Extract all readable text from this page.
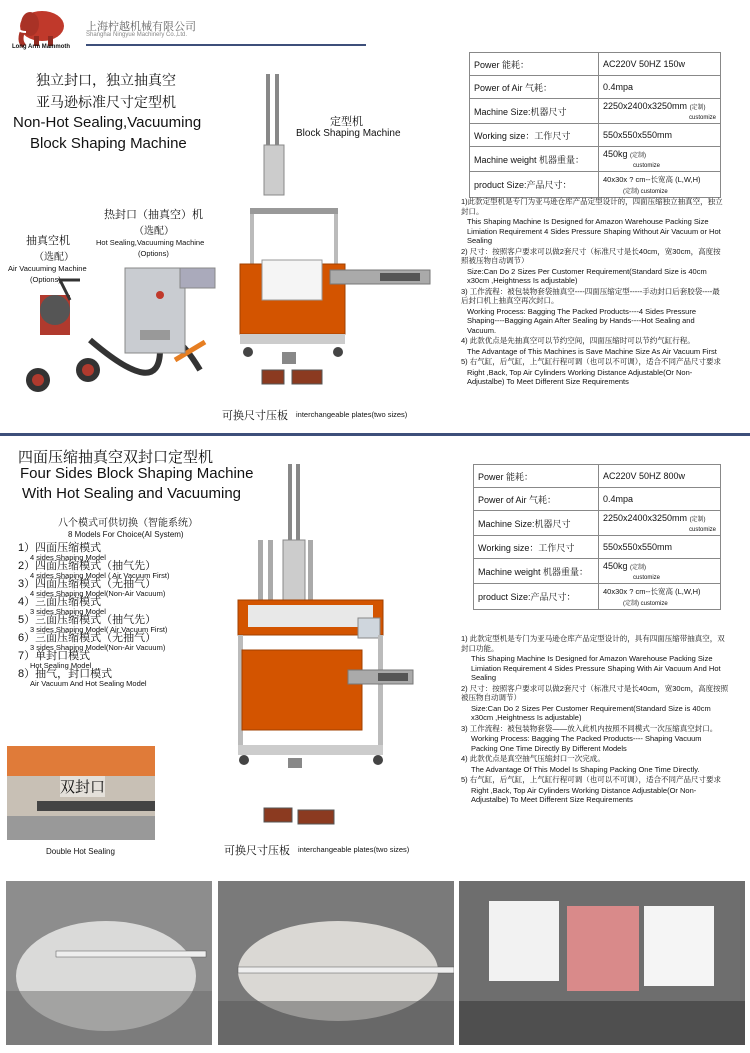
Long Arm Mammoth
上海柠越机械有限公司
Shanghai Ningyue Machinery Co.,Ltd.
独立封口，独立抽真空
亚马逊标准尺寸定型机
Non-Hot Sealing,Vacuuming
Block Shaping Machine
定型机
Block Shaping Machine
热封口（抽真空）机
（选配）
Hot Sealing,Vacuuming Machine
(Options)
抽真空机
（选配）
Air Vacuuming Machine
(Options)
可换尺寸压板 interchangeable plates(two sizes)
Power 能耗：	AC220V 50HZ 150w
Power of Air 气耗：	0.4mpa
Machine Size:机器尺寸	2250x2400x3250mm (定制)
customize
Working size：工作尺寸	550x550x550mm
Machine weight 机器重量：	450kg (定制)
customize
product Size:产品尺寸：	40x30x ? cm--长宽高 (L,W,H)
(定制) customize

1)此款定型机是专门为亚马逊仓库产品定型设计的，四面压缩独立抽真空，独立封口。

This Shaping Machine Is Designed for Amazon Warehouse Packing Size Limiation Requirement 4 Sides Pressure Shaping Without Air Vacuum or Hot Sealing

2) 尺寸：按照客户要求可以做2套尺寸（标准尺寸是长40cm，宽30cm，高度按照被压物自动调节）

Size:Can Do 2 Sizes Per Customer Requirement(Standard Size is 40cm x30cm ,Heightness Is adjustable)

3) 工作流程：被包装物套袋抽真空----四面压缩定型-----手动封口后套胶袋----最后封口机上抽真空再次封口。

Working Process: Bagging The Packed Products----4 Sides Pressure Shaping----Bagging Again After Sealing by Hands----Hot Sealing and Vacuum.

4) 此款优点是先抽真空可以节约空间，四面压缩时可以节约气缸行程。

The Advantage of This Machines is Save Machine Size As Air Vacuum First

5) 右气缸，后气缸，上气缸行程可调（也可以不可调），适合不同产品尺寸要求

Right ,Back, Top Air Cylinders Working Distance Adjustable(Or Non-Adjustalbe) To Meet Different Size Requirements

四面压缩抽真空双封口定型机
Four Sides Block Shaping Machine
With Hot Sealing and Vacuuming
八个模式可供切换（智能系统）
8 Models For Choice(AI System)
1）四面压缩模式
4 sides Shaping Model
2）四面压缩模式（抽气先）
4 sides Shaping Model ( Air Vacuum First)
3）四面压缩模式（无抽气）
4 sides Shaping Model(Non-Air Vacuum)
4）三面压缩模式
3 sides Shaping Model
5）三面压缩模式（抽气先）
3 sides Shaping Model( Air Vacuum First)
6）三面压缩模式（无抽气）
3 sides Shaping Model(Non-Air Vacuum)
7）单封口模式
Hot Sealing Model
8）抽气，封口模式
Air Vacuum And Hot Sealing Model
双封口
Double Hot Sealing	可换尺寸压板 interchangeable plates(two sizes)
Power 能耗：	AC220V 50HZ 800w
Power of Air 气耗：	0.4mpa
Machine Size:机器尺寸	2250x2400x3250mm (定制)
customize
Working size：工作尺寸	550x550x550mm
Machine weight 机器重量：	450kg (定制)
customize
product Size:产品尺寸：	40x30x ? cm--长宽高 (L,W,H)
(定制) customize

1) 此款定型机是专门为亚马逊仓库产品定型设计的，具有四面压缩带抽真空，双封口功能。

This Shaping Machine Is Designed for Amazon Warehouse Packing Size Limiation Requirement 4 Sides Pressure Shaping With Air Vacuum And Hot Sealing

2) 尺寸：按照客户要求可以做2套尺寸（标准尺寸是长40cm，宽30cm，高度按照被压物自动调节）

Size:Can Do 2 Sizes Per Customer Requirement(Standard Size is 40cm x30cm ,Heightness Is adjustable)

3) 工作流程：被包装物套袋——放入此机内按照不同模式一次压缩真空封口。

Working Process: Bagging The Packed Products---- Shaping Vacuum Packing One Time Directly By Different Models

4) 此款优点是真空抽气压缩封口一次完成。

The Advantage Of This Model Is Shaping Packing One Time Directly.

5) 右气缸，后气缸，上气缸行程可调（也可以不可调），适合不同产品尺寸要求

Right ,Back, Top Air Cylinders Working Distance Adjustable(Or Non-Adjustalbe) To Meet Different Size Requirements
